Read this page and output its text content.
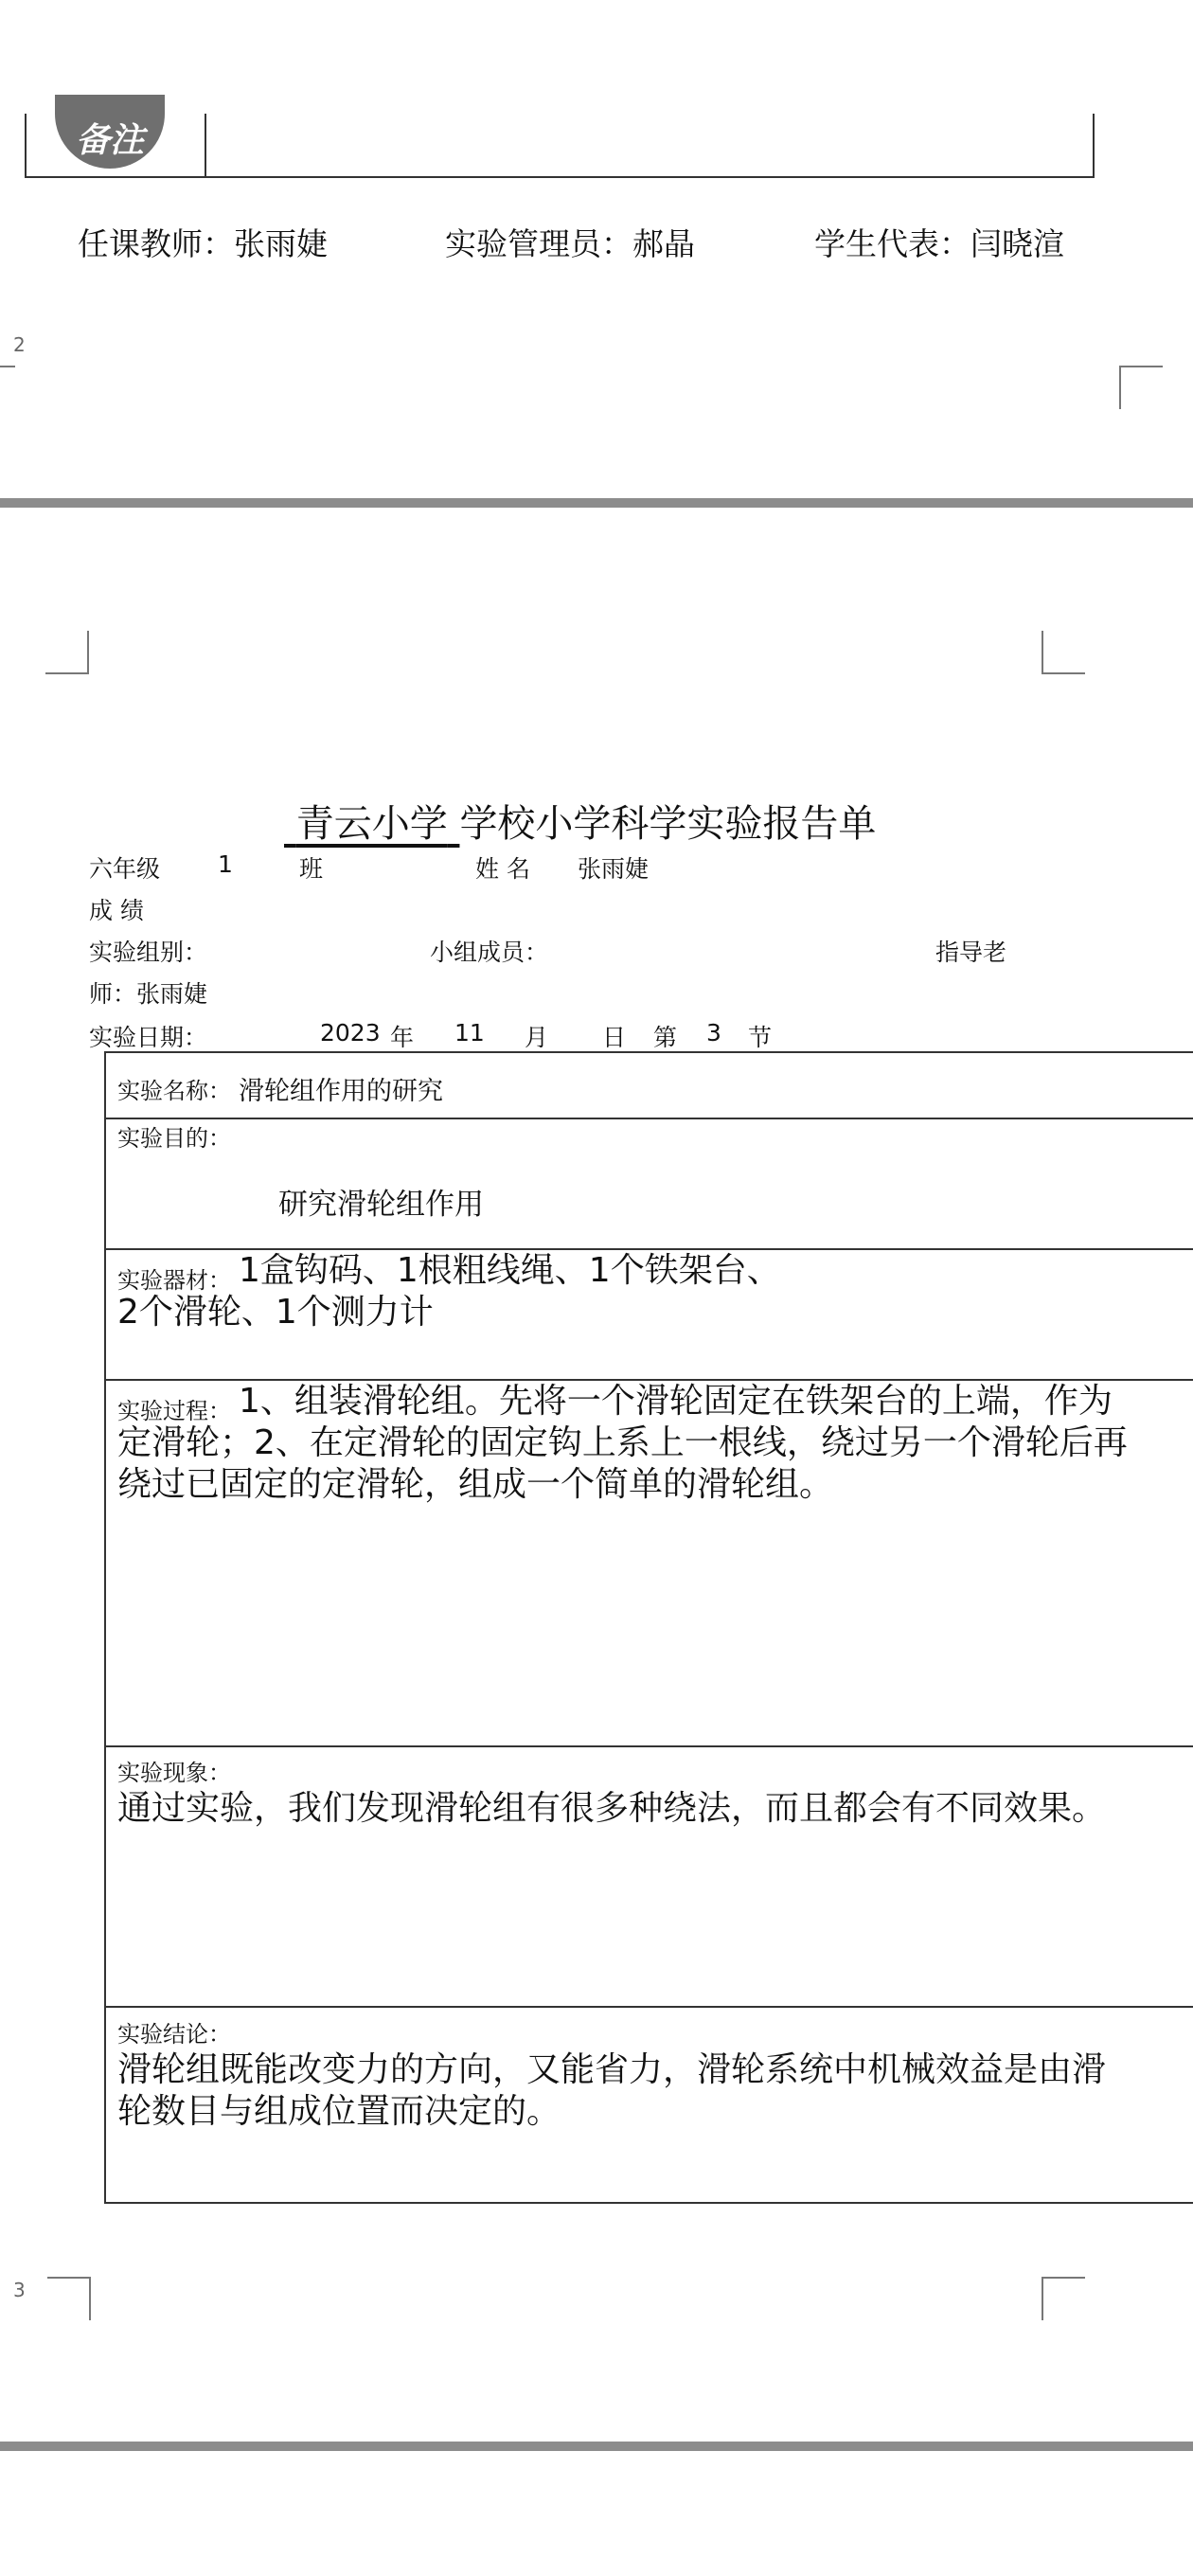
备注
任课教师：张雨婕	实验管理员：郝晶	学生代表：闫晓渲
2
青云小学 学校小学科学实验报告单
六年级 1	班	姓 名 张雨婕
成 绩
实验组别：	小组成员：	指导老
师：张雨婕
实验日期：	2023 年 11 月 日 第 3 节
实验名称： 滑轮组作用的研究
实验目的：
研究滑轮组作用
实验器材： 1盒钩码、1根粗线绳、1个铁架台、
2个滑轮、1个测力计
实验过程： 1、组装滑轮组。先将一个滑轮固定在铁架台的上端，作为
定滑轮；2、在定滑轮的固定钩上系上一根线，绕过另一个滑轮后再
绕过已固定的定滑轮，组成一个简单的滑轮组。
实验现象：
通过实验，我们发现滑轮组有很多种绕法，而且都会有不同效果。
实验结论：
滑轮组既能改变力的方向，又能省力，滑轮系统中机械效益是由滑
轮数目与组成位置而决定的。
3
